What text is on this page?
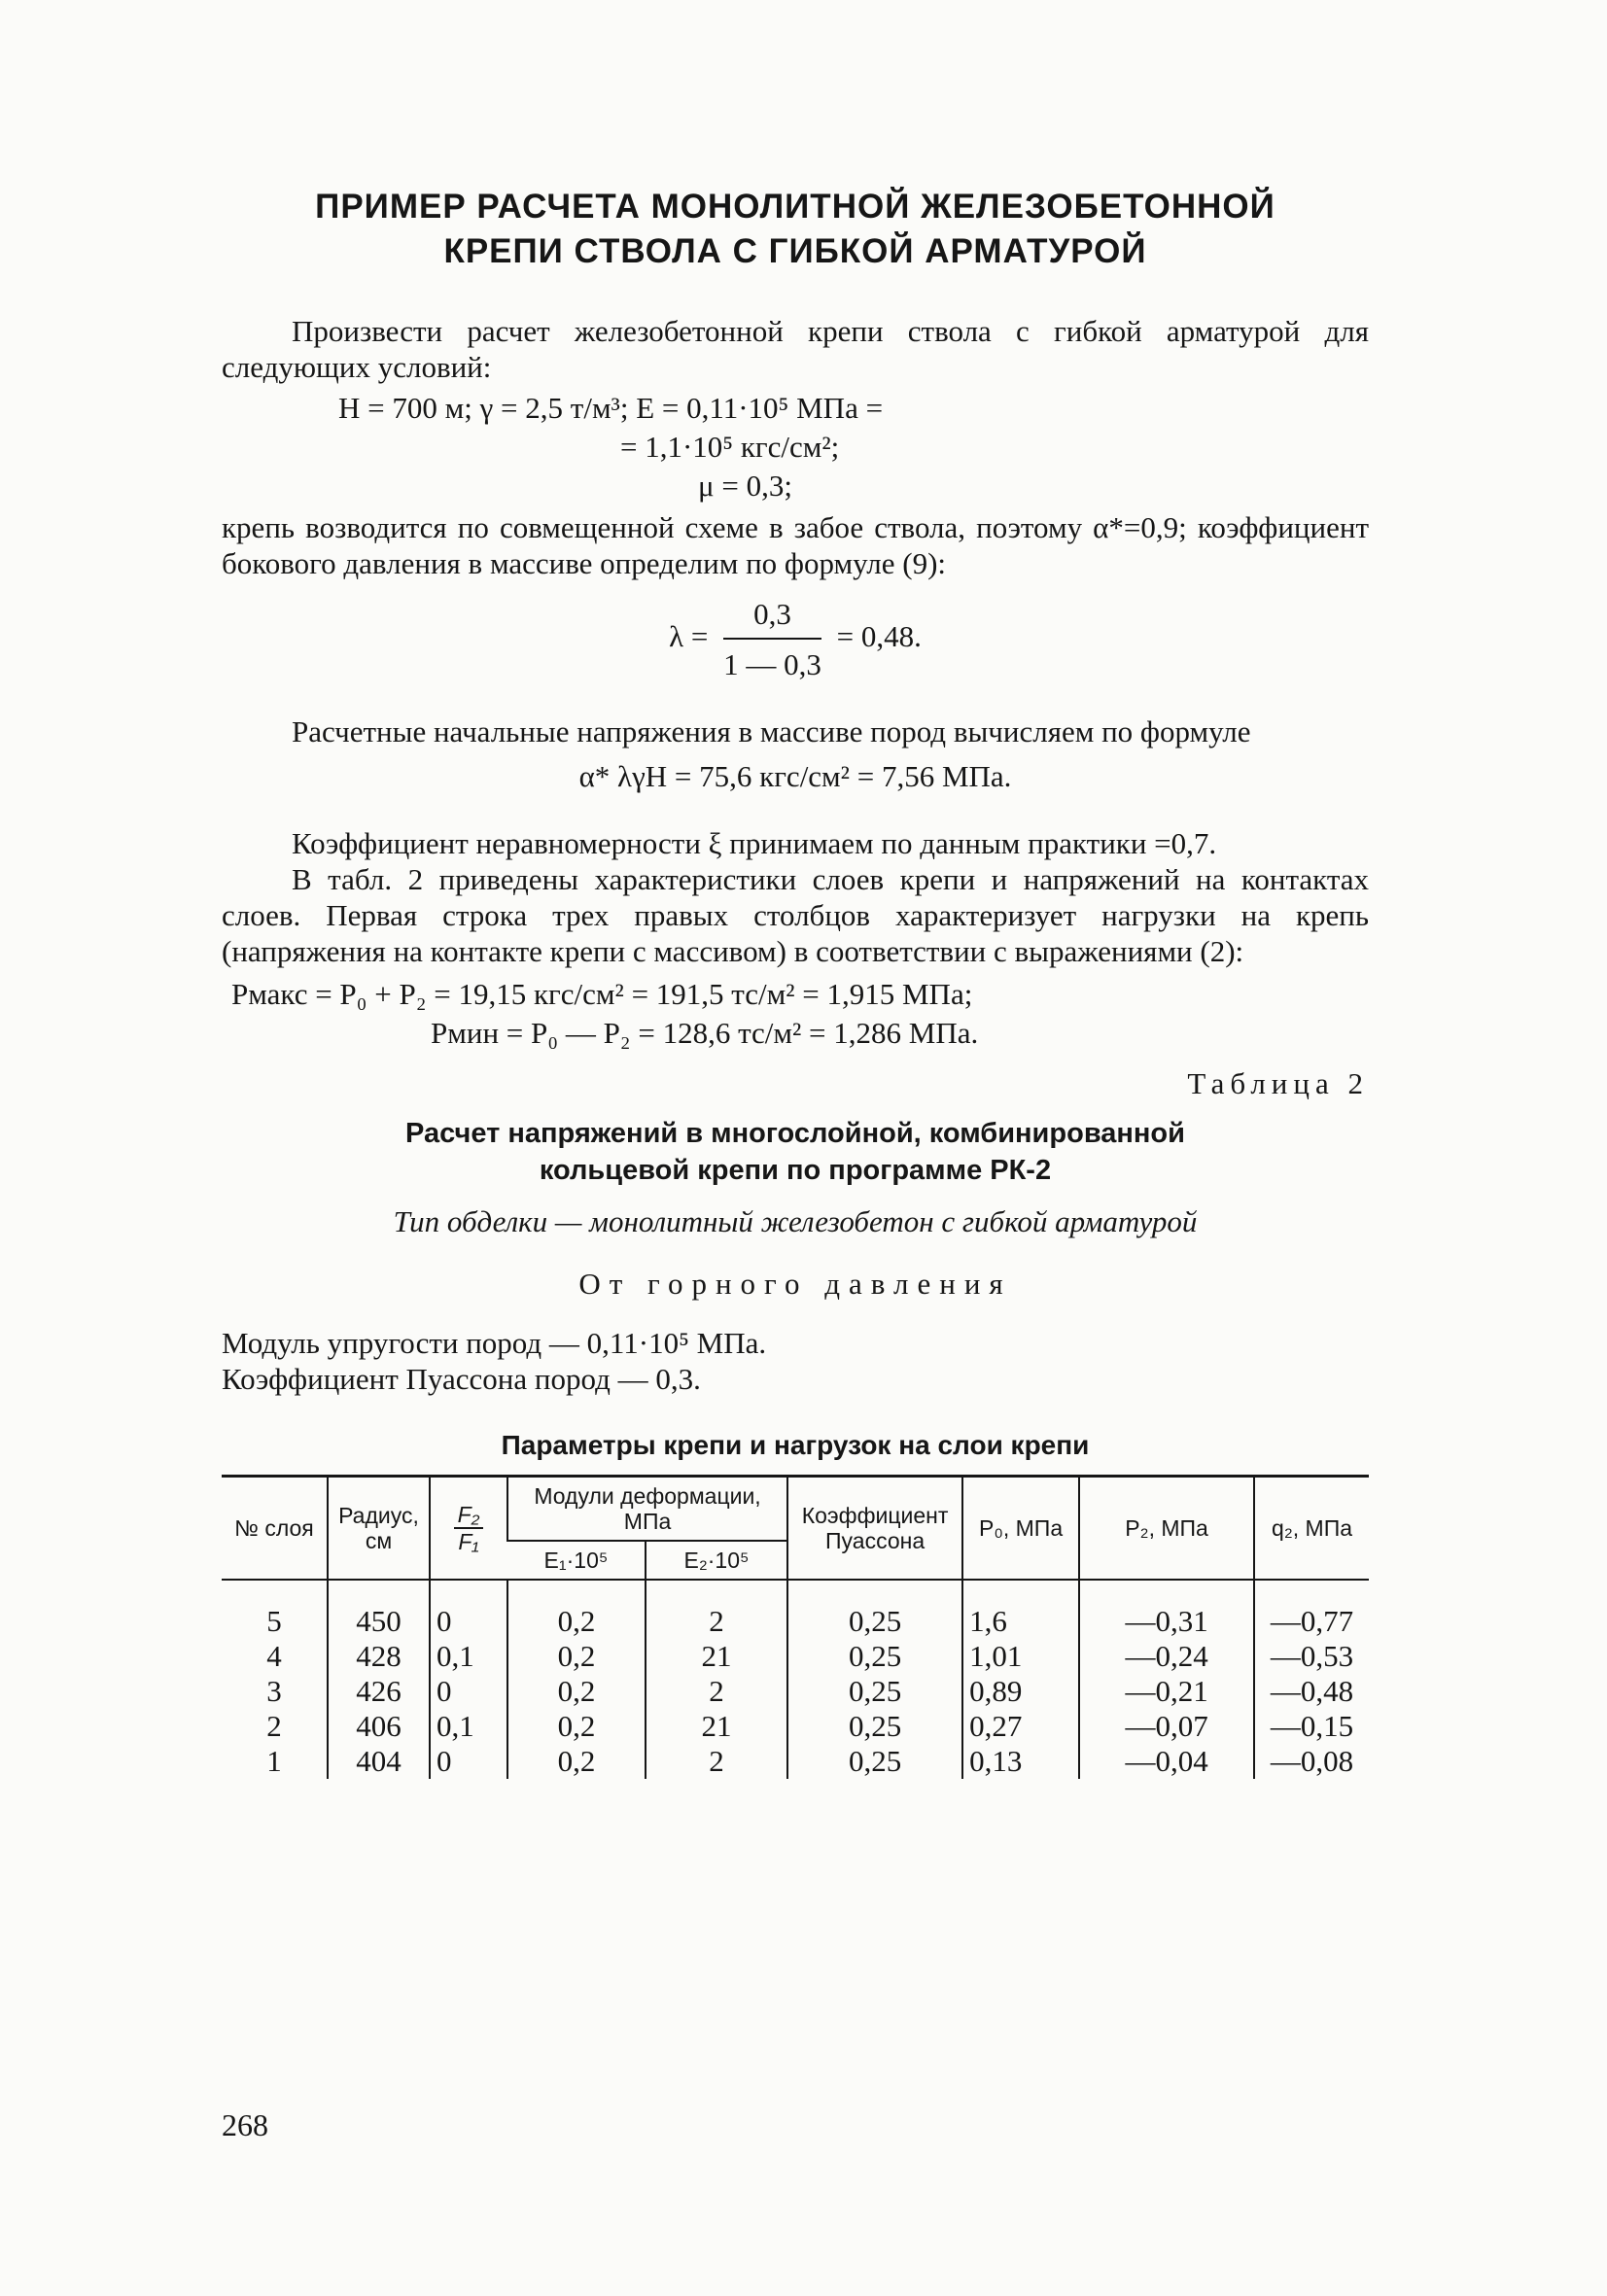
ПРИМЕР РАСЧЕТА МОНОЛИТНОЙ ЖЕЛЕЗОБЕТОННОЙ
КРЕПИ СТВОЛА С ГИБКОЙ АРМАТУРОЙ

Произвести расчет железобетонной крепи ствола с гибкой арматурой для следующих условий:

H = 700 м; γ = 2,5 т/м³; E = 0,11·10⁵ МПа =
= 1,1·10⁵ кгс/см²;
μ = 0,3;

крепь возводится по совмещенной схеме в забое ствола, поэтому α*=0,9; коэффициент бокового давления в массиве определим по формуле (9):

$\lambda = \frac{0,3}{1 — 0,3} = 0,48$.

Расчетные начальные напряжения в массиве пород вычисляем по формуле

α* λγH = 75,6 кгс/см² = 7,56 МПа.

Коэффициент неравномерности ξ принимаем по данным практики =0,7.

В табл. 2 приведены характеристики слоев крепи и напряжений на контактах слоев. Первая строка трех правых столбцов характеризует нагрузки на крепь (напряжения на контакте крепи с массивом) в соответствии с выражениями (2):

Pмакс = P₀ + P₂ = 19,15 кгс/см² = 191,5 тс/м² = 1,915 МПа;
Pмин = P₀ — P₂ = 128,6 тс/м² = 1,286 МПа.
Таблица 2
Расчет напряжений в многослойной, комбинированной
кольцевой крепи по программе РК-2
Тип обделки — монолитный железобетон с гибкой арматурой
От горного давления

Модуль упругости пород — 0,11·10⁵ МПа.

Коэффициент Пуассона пород — 0,3.

Параметры крепи и нагрузок на слои крепи
№ слоя	Радиус, см	$\frac{\text{F₂}}{\text{F₁}}$	Модули деформации, МПа		Коэффициент Пуассона	P₀, МПа	P₂, МПа	q₂, МПа
			E₁·10⁵	E₂·10⁵				
5	450	0	0,2	2	0,25	1,6	—0,31	—0,77
4	428	0,1	0,2	21	0,25	1,01	—0,24	—0,53
3	426	0	0,2	2	0,25	0,89	—0,21	—0,48
2	406	0,1	0,2	21	0,25	0,27	—0,07	—0,15
1	404	0	0,2	2	0,25	0,13	—0,04	—0,08
268
